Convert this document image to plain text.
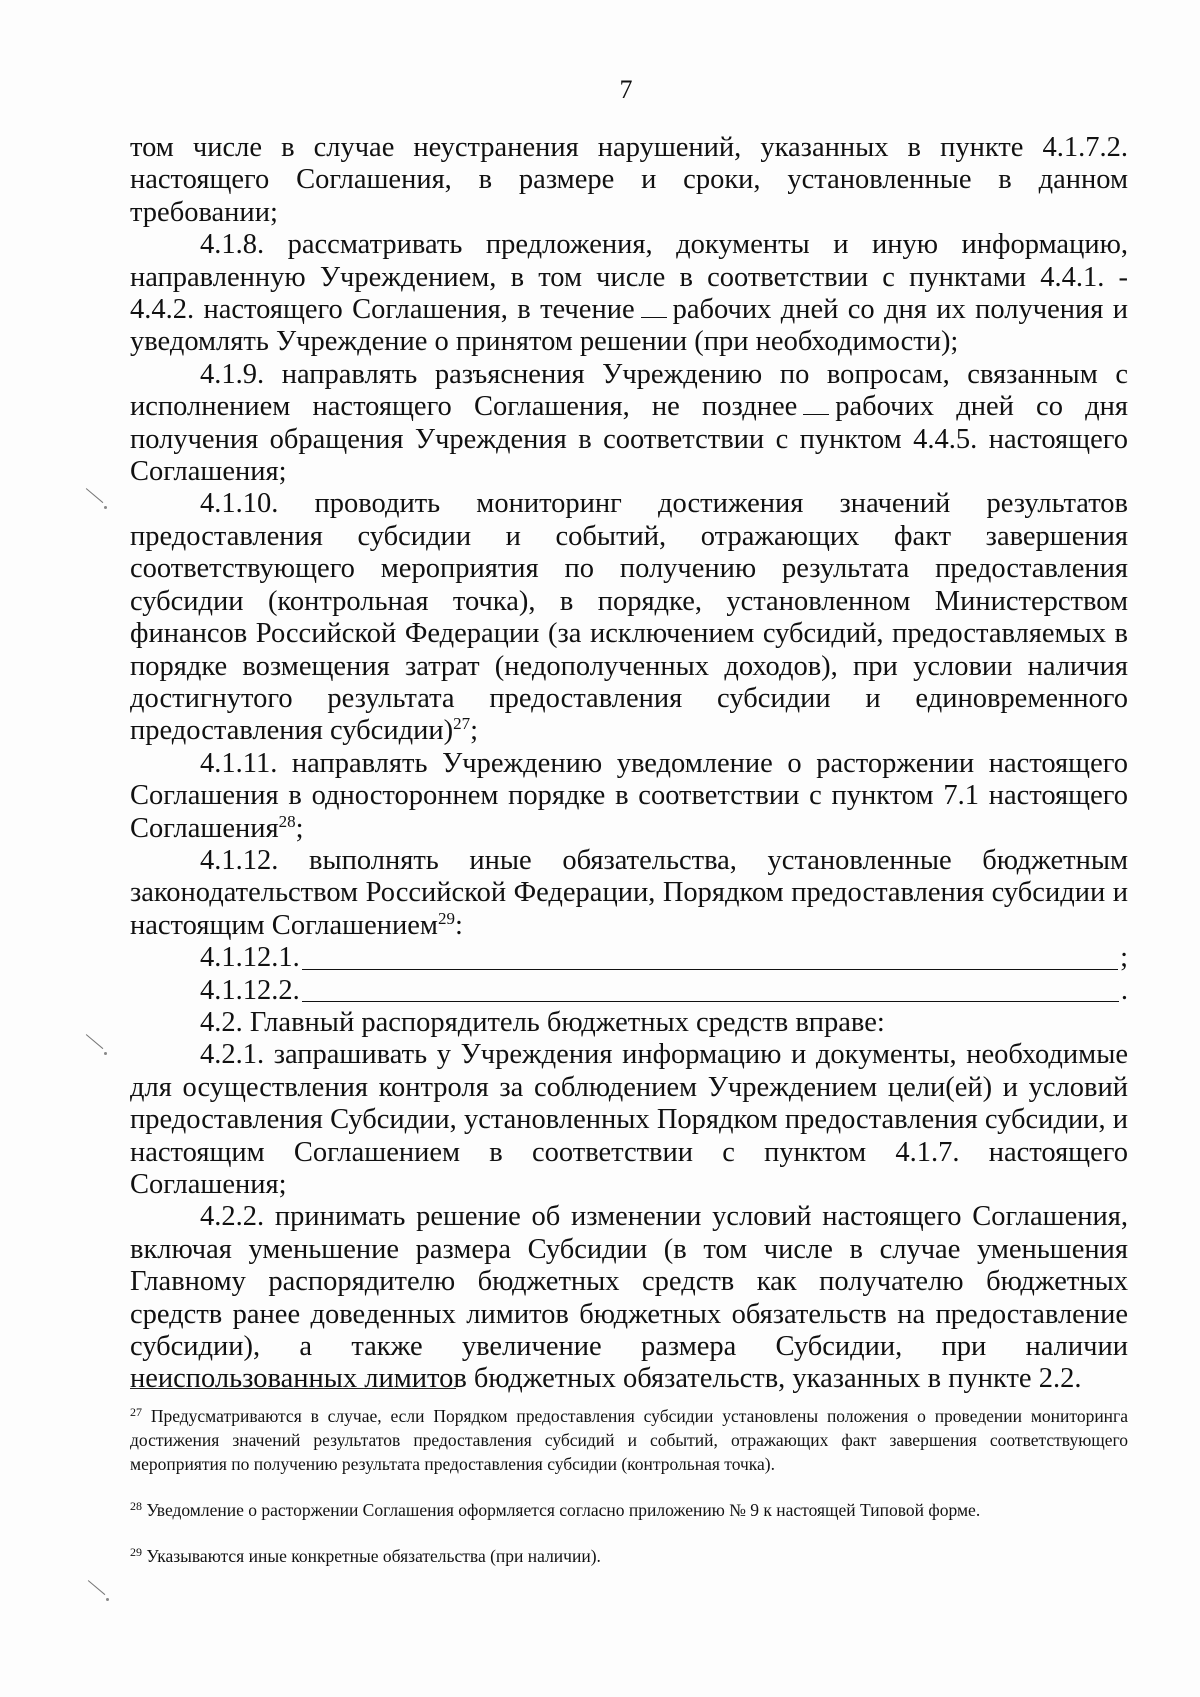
7

том числе в случае неустранения нарушений, указанных в пункте 4.1.7.2. настоящего Соглашения, в размере и сроки, установленные в данном требовании;

4.1.8. рассматривать предложения, документы и иную информацию, направленную Учреждением, в том числе в соответствии с пунктами 4.4.1. - 4.4.2. настоящего Соглашения, в течение рабочих дней со дня их получения и уведомлять Учреждение о принятом решении (при необходимости);

4.1.9. направлять разъяснения Учреждению по вопросам, связанным с исполнением настоящего Соглашения, не позднее рабочих дней со дня получения обращения Учреждения в соответствии с пунктом 4.4.5. настоящего Соглашения;

4.1.10. проводить мониторинг достижения значений результатов предоставления субсидии и событий, отражающих факт завершения соответствующего мероприятия по получению результата предоставления субсидии (контрольная точка), в порядке, установленном Министерством финансов Российской Федерации (за исключением субсидий, предоставляемых в порядке возмещения затрат (недополученных доходов), при условии наличия достигнутого результата предоставления субсидии и единовременного предоставления субсидии)$^{27}$;

4.1.11. направлять Учреждению уведомление о расторжении настоящего Соглашения в одностороннем порядке в соответствии с пунктом 7.1 настоящего Соглашения$^{28}$;

4.1.12. выполнять иные обязательства, установленные бюджетным законодательством Российской Федерации, Порядком предоставления субсидии и настоящим Соглашением$^{29}$:

4.1.12.1.	;

4.1.12.2.	.

4.2. Главный распорядитель бюджетных средств вправе:

4.2.1. запрашивать у Учреждения информацию и документы, необходимые для осуществления контроля за соблюдением Учреждением цели(ей) и условий предоставления Субсидии, установленных Порядком предоставления субсидии, и настоящим Соглашением в соответствии с пунктом 4.1.7. настоящего Соглашения;

4.2.2. принимать решение об изменении условий настоящего Соглашения, включая уменьшение размера Субсидии (в том числе в случае уменьшения Главному распорядителю бюджетных средств как получателю бюджетных средств ранее доведенных лимитов бюджетных обязательств на предоставление субсидии), а также увеличение размера Субсидии, при наличии неиспользованных лимитов бюджетных обязательств, указанных в пункте 2.2.

$^{27}$ Предусматриваются в случае, если Порядком предоставления субсидии установлены положения о проведении мониторинга достижения значений результатов предоставления субсидий и событий, отражающих факт завершения соответствующего мероприятия по получению результата предоставления субсидии (контрольная точка).

$^{28}$ Уведомление о расторжении Соглашения оформляется согласно приложению № 9 к настоящей Типовой форме.

$^{29}$ Указываются иные конкретные обязательства (при наличии).
